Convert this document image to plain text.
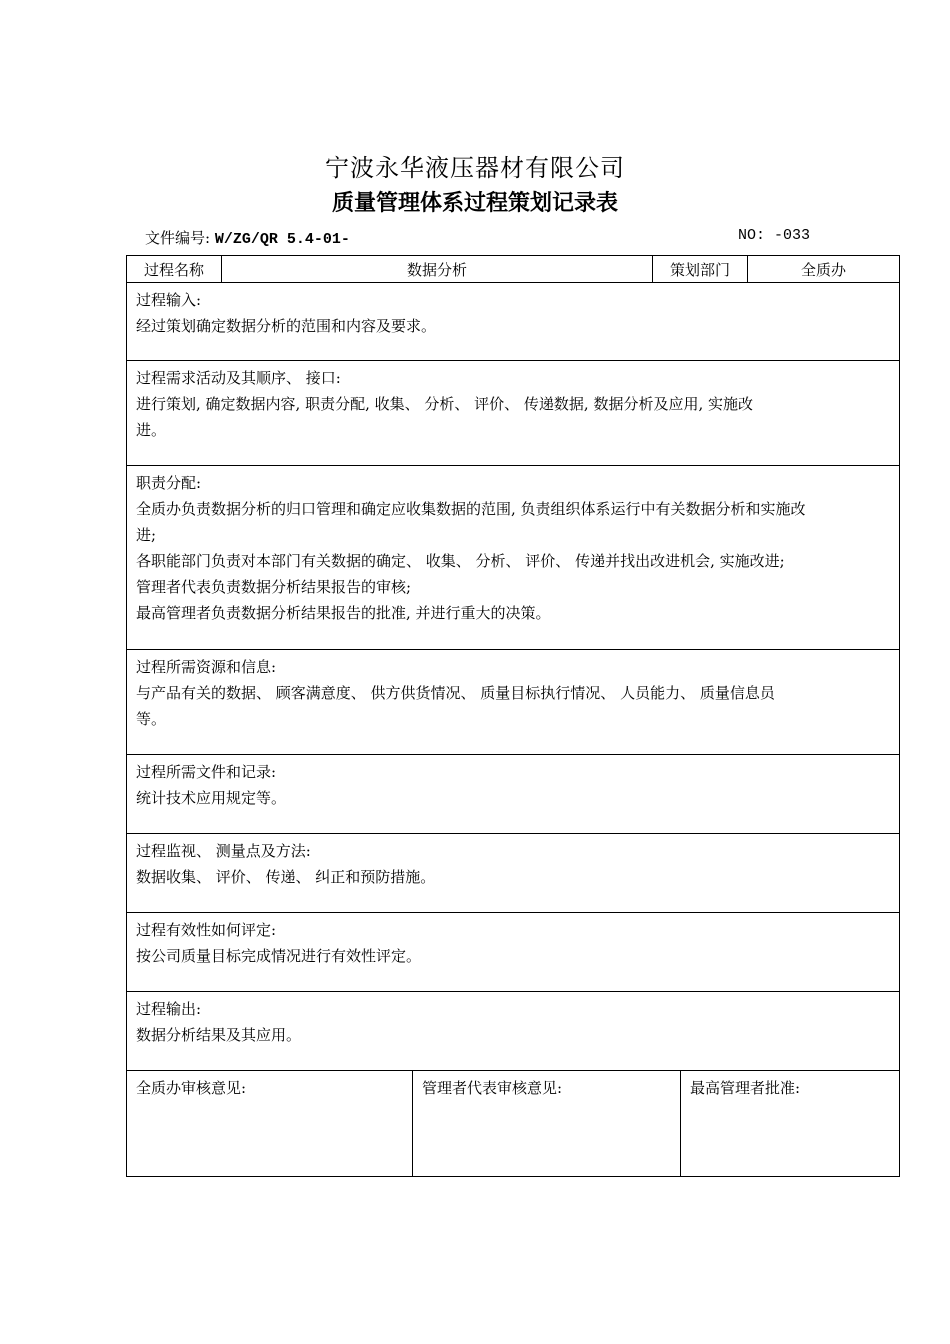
宁波永华液压器材有限公司
质量管理体系过程策划记录表
文件编号: W/ZG/QR 5.4-01-	NO: -033
过程名称	数据分析	策划部门	全质办
过程输入:
经过策划确定数据分析的范围和内容及要求。
过程需求活动及其顺序、 接口:
进行策划, 确定数据内容, 职责分配, 收集、 分析、 评价、 传递数据, 数据分析及应用, 实施改
进。
职责分配:
全质办负责数据分析的归口管理和确定应收集数据的范围, 负责组织体系运行中有关数据分析和实施改
进;
各职能部门负责对本部门有关数据的确定、 收集、 分析、 评价、 传递并找出改进机会, 实施改进;
管理者代表负责数据分析结果报告的审核;
最高管理者负责数据分析结果报告的批准, 并进行重大的决策。
过程所需资源和信息:
与产品有关的数据、 顾客满意度、 供方供货情况、 质量目标执行情况、 人员能力、 质量信息员
等。
过程所需文件和记录:
统计技术应用规定等。
过程监视、 测量点及方法:
数据收集、 评价、 传递、 纠正和预防措施。
过程有效性如何评定:
按公司质量目标完成情况进行有效性评定。
过程输出:
数据分析结果及其应用。
全质办审核意见:	管理者代表审核意见:	最高管理者批准:
